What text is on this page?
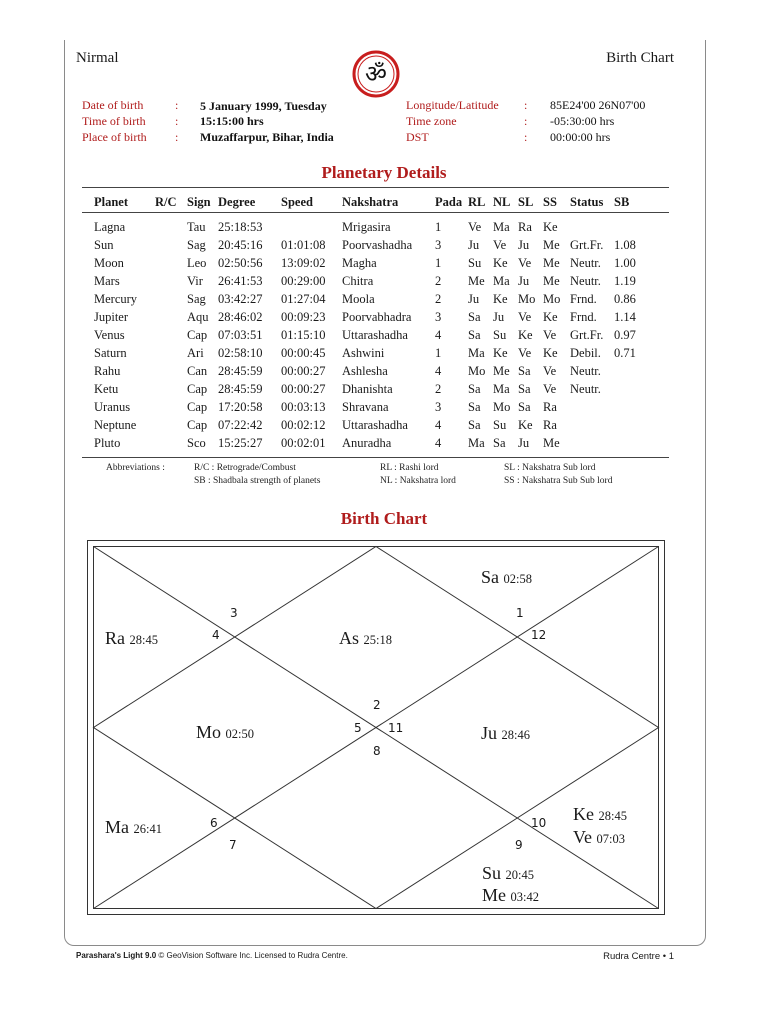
Nirmal	Birth Chart
ॐ
Date of birth	: 5 January 1999, Tuesday
Time of birth : 15:15:00 hrs
Place of birth : Muzaffarpur, Bihar, India
Longitude/Latitude : 85E24'00 26N07'00
Time zone	: -05:30:00 hrs
DST	: 00:00:00 hrs
Planetary Details
Planet	R/C	Sign	Degree	Speed	Nakshatra	Pada	RL	NL	SL	SS	Status	SB
Lagna		Tau	25:18:53		Mrigasira	1	Ve	Ma	Ra	Ke		
Sun		Sag	20:45:16	01:01:08	Poorvashadha	3	Ju	Ve	Ju	Me	Grt.Fr.	1.08
Moon		Leo	02:50:56	13:09:02	Magha	1	Su	Ke	Ve	Me	Neutr.	1.00
Mars		Vir	26:41:53	00:29:00	Chitra	2	Me	Ma	Ju	Me	Neutr.	1.19
Mercury		Sag	03:42:27	01:27:04	Moola	2	Ju	Ke	Mo	Mo	Frnd.	0.86
Jupiter		Aqu	28:46:02	00:09:23	Poorvabhadra	3	Sa	Ju	Ve	Ke	Frnd.	1.14
Venus		Cap	07:03:51	01:15:10	Uttarashadha	4	Sa	Su	Ke	Ve	Grt.Fr.	0.97
Saturn		Ari	02:58:10	00:00:45	Ashwini	1	Ma	Ke	Ve	Ke	Debil.	0.71
Rahu		Can	28:45:59	00:00:27	Ashlesha	4	Mo	Me	Sa	Ve	Neutr.	
Ketu		Cap	28:45:59	00:00:27	Dhanishta	2	Sa	Ma	Sa	Ve	Neutr.	
Uranus		Cap	17:20:58	00:03:13	Shravana	3	Sa	Mo	Sa	Ra		
Neptune		Cap	07:22:42	00:02:12	Uttarashadha	4	Sa	Su	Ke	Ra		
Pluto		Sco	15:25:27	00:02:01	Anuradha	4	Ma	Sa	Ju	Me		
Abbreviations :	R/C : Retrograde/Combust
SB : Shadbala strength of planets
RL : Rashi lord
NL : Nakshatra lord
SL : Nakshatra Sub lord
SS : Nakshatra Sub Sub lord
Birth Chart
3
4
1
12
2
5 11
8
6
7
10
9
Sa 02:58
Ra 28:45	As 25:18
Mo 02:50	Ju 28:46
Ma 26:41
Ke 28:45
Ve 07:03
Su 20:45
Me 03:42
Parashara's Light 9.0 © GeoVision Software Inc. Licensed to Rudra Centre.	Rudra Centre • 1
